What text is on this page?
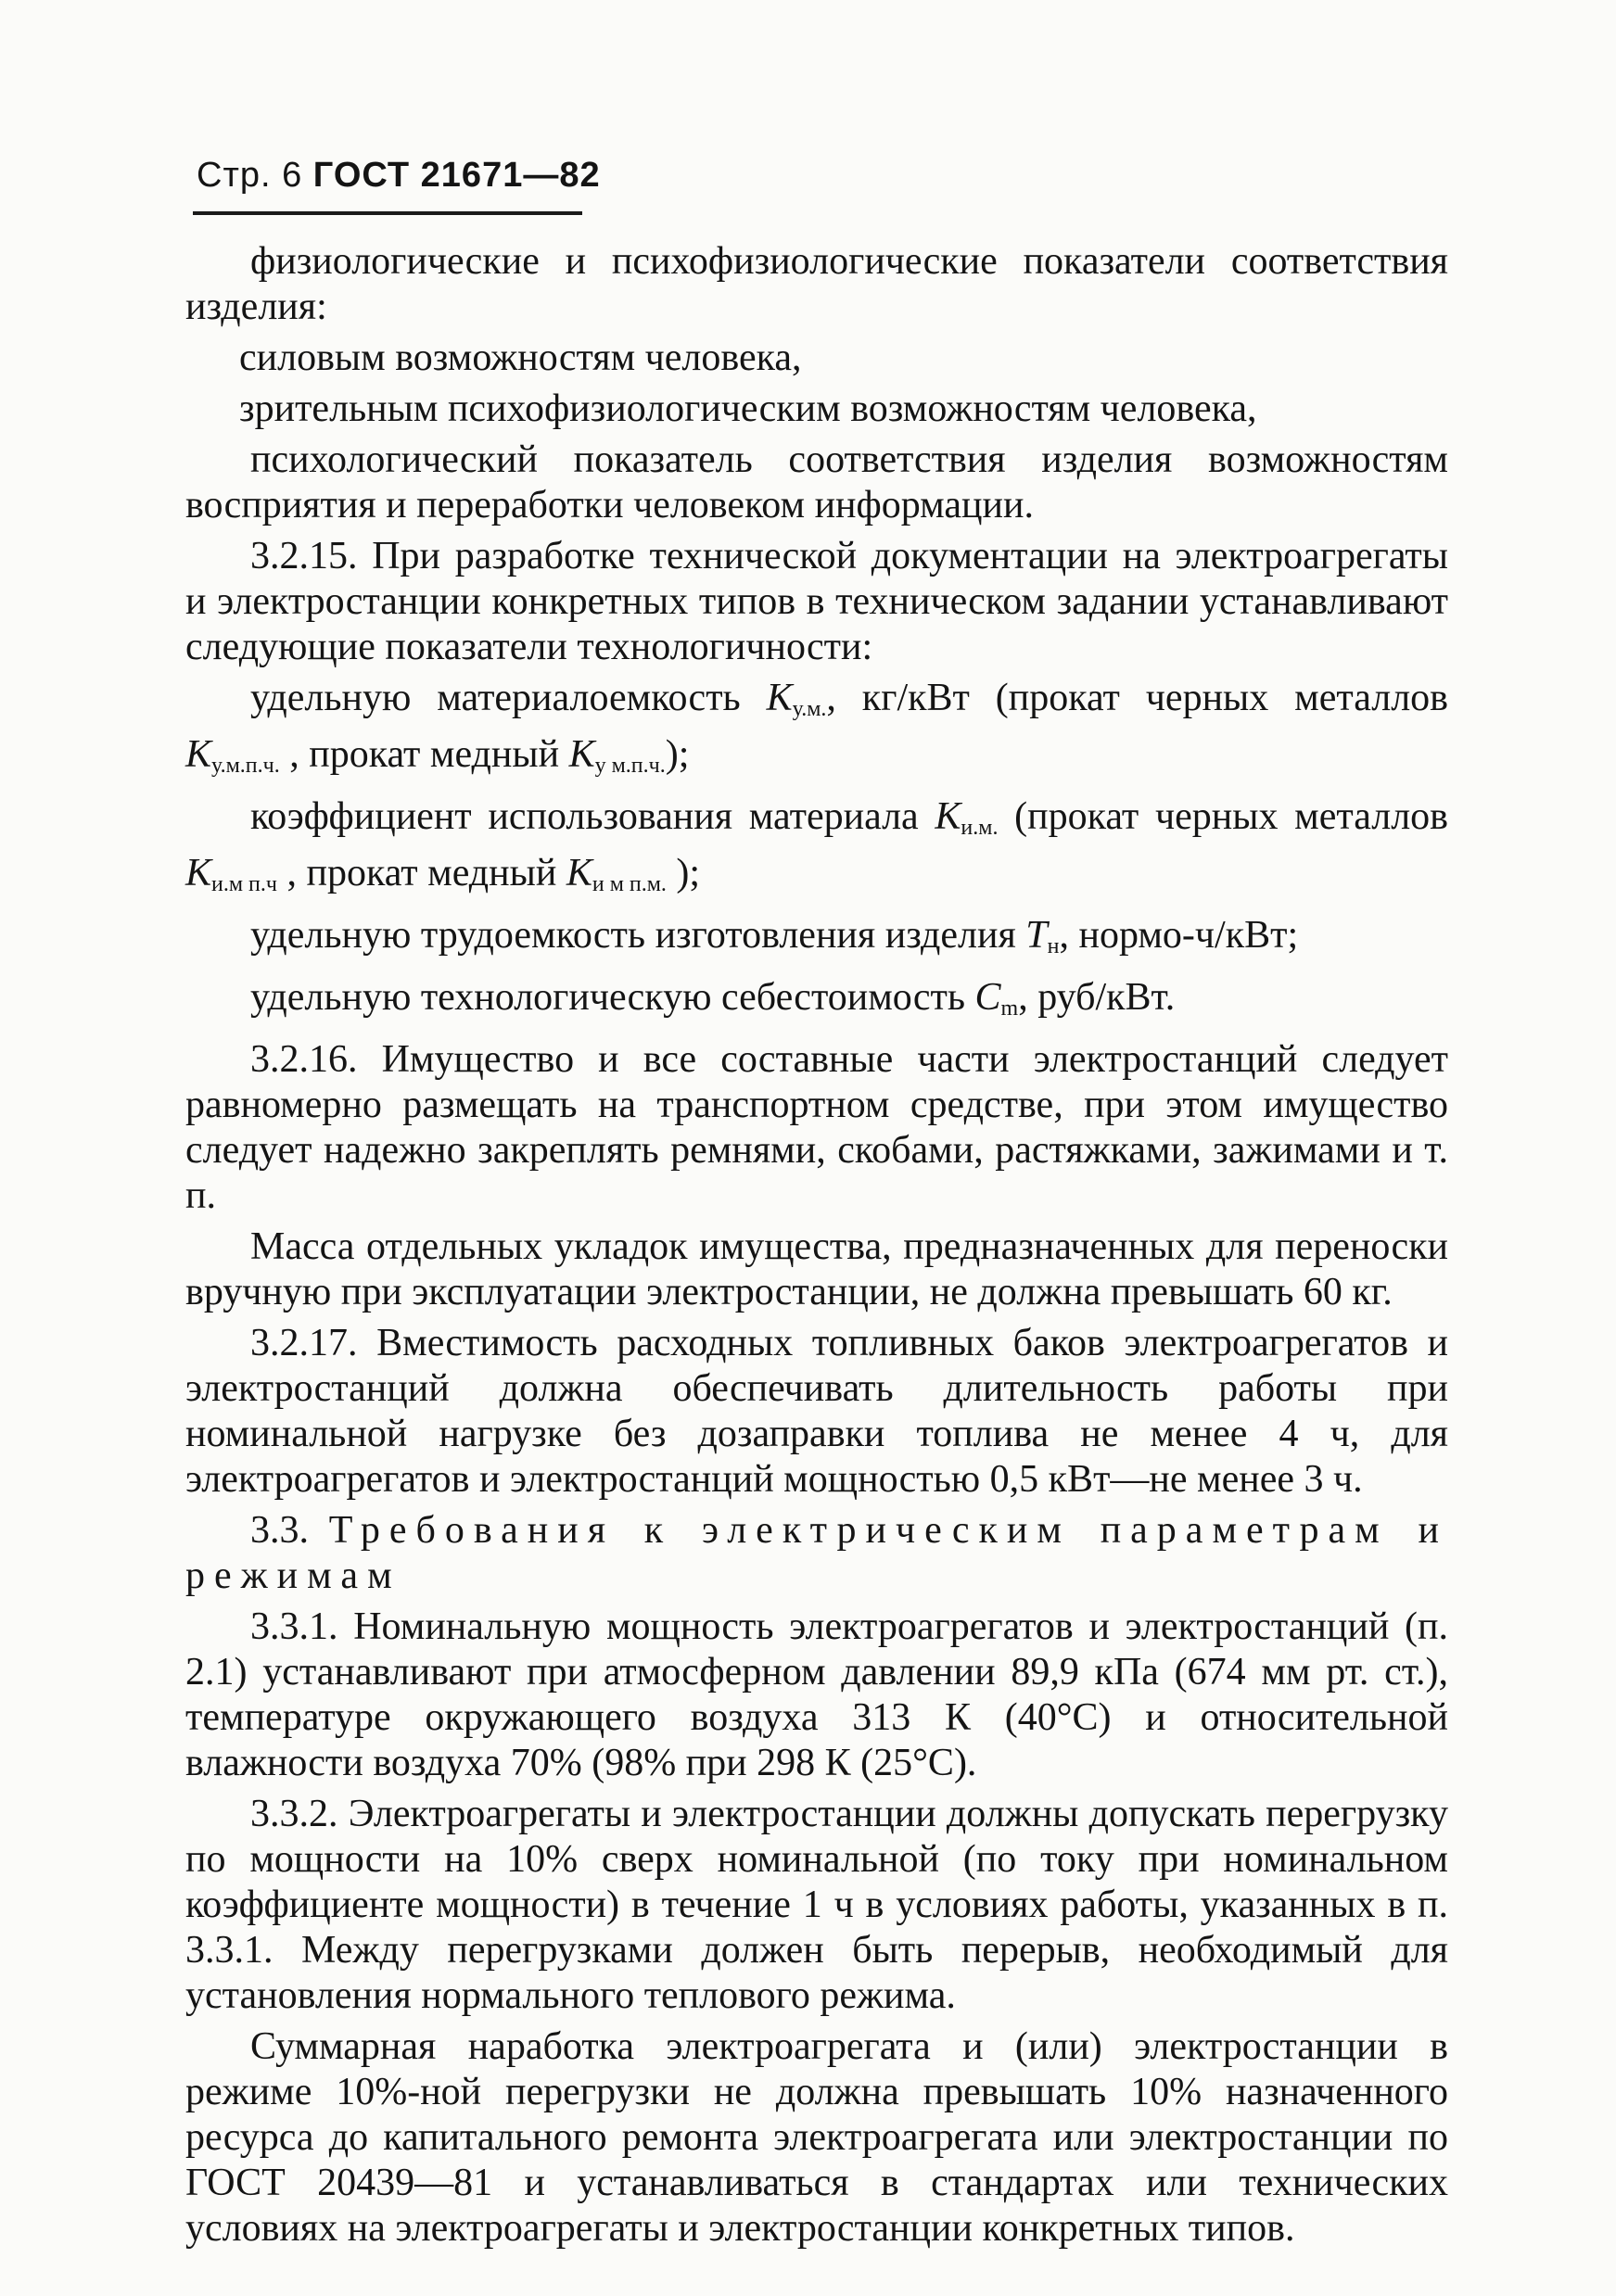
Стр. 6 ГОСТ 21671—82

физиологические и психофизиологические показатели соответствия изделия:

силовым возможностям человека,

зрительным психофизиологическим возможностям человека,

психологический показатель соответствия изделия возможностям восприятия и переработки человеком информации.

3.2.15. При разработке технической документации на электроагрегаты и электростанции конкретных типов в техническом задании устанавливают следующие показатели технологичности:

удельную материалоемкость $K_{у.м.}$, кг/кВт (прокат черных металлов $K_{у.м.п.ч.}$ , прокат медный $K_{у м.п.ч.}$);

коэффициент использования материала $K_{и.м.}$ (прокат черных металлов $K_{и.м п.ч}$ , прокат медный $K_{и м п.м.}$ );

удельную трудоемкость изготовления изделия $T_н$, нормо-ч/кВт;

удельную технологическую себестоимость $C_m$, руб/кВт.

3.2.16. Имущество и все составные части электростанций следует равномерно размещать на транспортном средстве, при этом имущество следует надежно закреплять ремнями, скобами, растяжками, зажимами и т. п.

Масса отдельных укладок имущества, предназначенных для переноски вручную при эксплуатации электростанции, не должна превышать 60 кг.

3.2.17. Вместимость расходных топливных баков электроагрегатов и электростанций должна обеспечивать длительность работы при номинальной нагрузке без дозаправки топлива не менее 4 ч, для электроагрегатов и электростанций мощностью 0,5 кВт—не менее 3 ч.

3.3. Требования к электрическим параметрам и режимам

3.3.1. Номинальную мощность электроагрегатов и электростанций (п. 2.1) устанавливают при атмосферном давлении 89,9 кПа (674 мм рт. ст.), температуре окружающего воздуха 313 К (40°С) и относительной влажности воздуха 70% (98% при 298 К (25°С).

3.3.2. Электроагрегаты и электростанции должны допускать перегрузку по мощности на 10% сверх номинальной (по току при номинальном коэффициенте мощности) в течение 1 ч в условиях работы, указанных в п. 3.3.1. Между перегрузками должен быть перерыв, необходимый для установления нормального теплового режима.

Суммарная наработка электроагрегата и (или) электростанции в режиме 10%-ной перегрузки не должна превышать 10% назначенного ресурса до капитального ремонта электроагрегата или электростанции по ГОСТ 20439—81 и устанавливаться в стандартах или технических условиях на электроагрегаты и электростанции конкретных типов.
